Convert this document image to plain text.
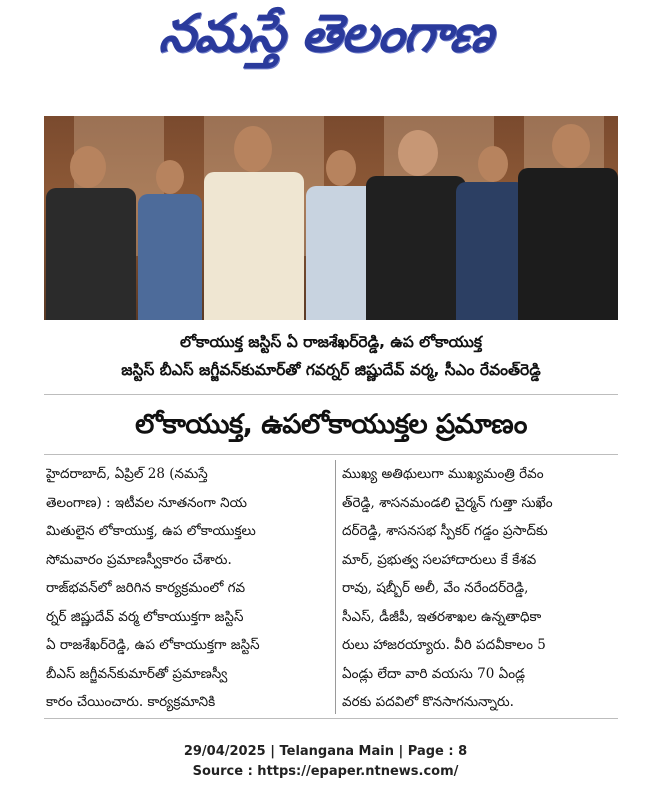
నమస్తే తెలంగాణ
లోకాయుక్త జస్టిస్ ఏ రాజశేఖర్‌రెడ్డి, ఉప లోకాయుక్త
జస్టిస్ బీఎస్ జగ్జీవన్‌కుమార్‌తో గవర్నర్ జిష్ణుదేవ్ వర్మ, సీఎం రేవంత్‌రెడ్డి
లోకాయుక్త, ఉపలోకాయుక్తల ప్రమాణం
హైదరాబాద్, ఏప్రిల్ 28 (నమస్తే
తెలంగాణ) : ఇటీవల నూతనంగా నియ
మితులైన లోకాయుక్త, ఉప లోకాయుక్తలు
సోమవారం ప్రమాణస్వీకారం చేశారు.
రాజ్‌భవన్‌లో జరిగిన కార్యక్రమంలో గవ
ర్నర్ జిష్ణుదేవ్ వర్మ లోకాయుక్తగా జస్టిస్
ఏ రాజశేఖర్‌రెడ్డి, ఉప లోకాయుక్తగా జస్టిస్
బీఎస్ జగ్జీవన్‌కుమార్‌తో ప్రమాణస్వీ
కారం చేయించారు. కార్యక్రమానికి
ముఖ్య అతిథులుగా ముఖ్యమంత్రి రేవం
త్‌రెడ్డి, శాసనమండలి చైర్మన్ గుత్తా సుఖేం
దర్‌రెడ్డి, శాసనసభ స్పీకర్ గడ్డం ప్రసాద్‌కు
మార్, ప్రభుత్వ సలహాదారులు కే కేశవ
రావు, షబ్బీర్ అలీ, వేం నరేందర్‌రెడ్డి,
సీఎస్, డీజీపీ, ఇతరశాఖల ఉన్నతాధికా
రులు హాజరయ్యారు. వీరి పదవీకాలం 5
ఏండ్లు లేదా వారి వయసు 70 ఏండ్ల
వరకు పదవిలో కొనసాగనున్నారు.
29/04/2025 | Telangana Main | Page : 8
Source : https://epaper.ntnews.com/
